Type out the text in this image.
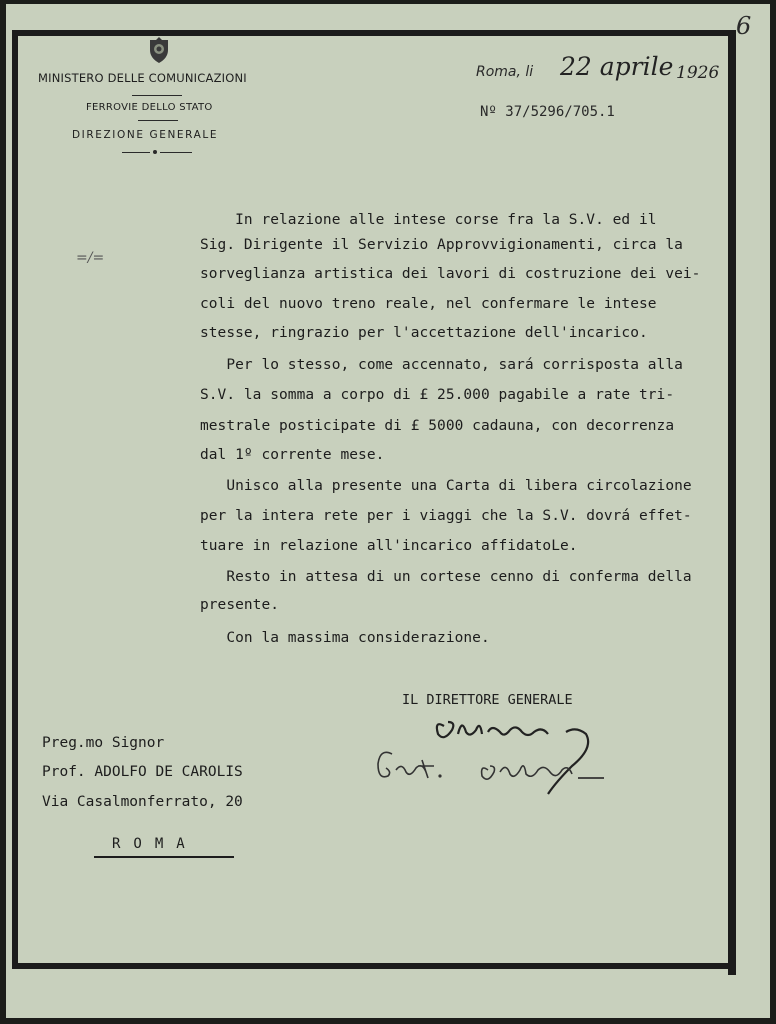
6
MINISTERO DELLE COMUNICAZIONI
FERROVIE DELLO STATO
DIREZIONE GENERALE
Roma, li 22 aprile 1926
Nº 37/5296/705.1
=/=
In relazione alle intese corse fra la S.V. ed il
Sig. Dirigente il Servizio Approvvigionamenti, circa la
sorveglianza artistica dei lavori di costruzione dei vei-
coli del nuovo treno reale, nel confermare le intese
stesse, ringrazio per l'accettazione dell'incarico.
Per lo stesso, come accennato, sará corrisposta alla
S.V. la somma a corpo di £ 25.000 pagabile a rate tri-
mestrale posticipate di £ 5000 cadauna, con decorrenza
dal 1º corrente mese.
Unisco alla presente una Carta di libera circolazione
per la intera rete per i viaggi che la S.V. dovrá effet-
tuare in relazione all'incarico affidatoLe.
Resto in attesa di un cortese cenno di conferma della
presente.
Con la massima considerazione.
IL DIRETTORE GENERALE
Preg.mo Signor
Prof. ADOLFO DE CAROLIS
Via Casalmonferrato, 20
ROMA
